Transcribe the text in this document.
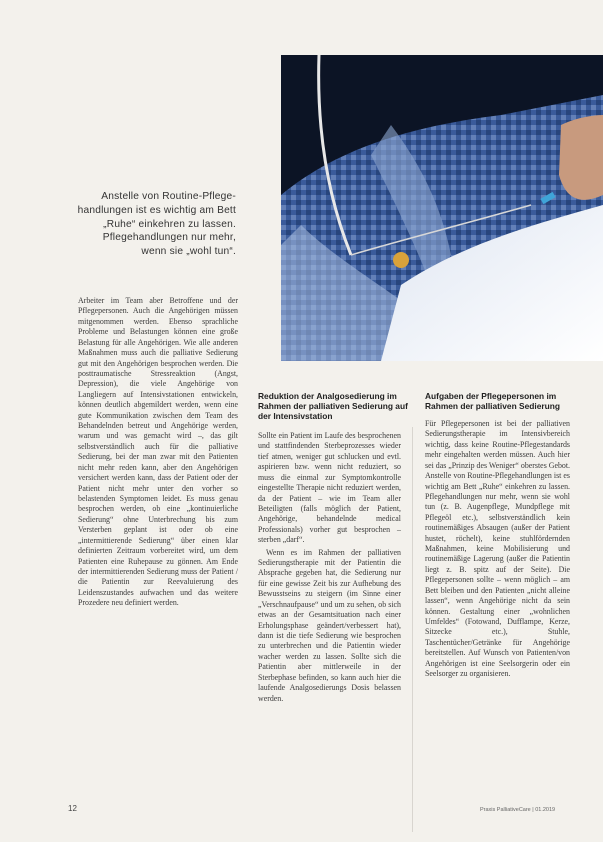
Anstelle von Routine-Pflege-
handlungen ist es wichtig am Bett
„Ruhe“ einkehren zu lassen.
Pflegehandlungen nur mehr,
wenn sie „wohl tun“.

Arbeiter im Team aber Betroffene und der Pflegepersonen. Auch die Angehörigen müssen mitgenommen werden. Ebenso sprachliche Probleme und Belastungen können eine große Belastung für alle Angehörigen. Wie alle anderen Maßnahmen muss auch die palliative Sedierung gut mit den Angehörigen besprochen werden. Die posttraumatische Stressreaktion (Angst, Depression), die viele Angehörige von Langliegern auf Intensivstationen entwickeln, können deutlich abgemildert werden, wenn eine gute Kommunikation zwischen dem Team des Behandelnden betreut und Angehörige werden, warum und was gemacht wird –, das gilt selbstverständlich auch für die palliative Sedierung, bei der man zwar mit den Patienten nicht mehr reden kann, aber den Angehörigen versichert werden kann, dass der Patient oder der Patient nicht mehr unter den vorher so belastenden Symptomen leidet. Es muss genau besprochen werden, ob eine „kontinuierliche Sedierung“ ohne Unterbrechung bis zum Versterben geplant ist oder ob eine „intermittierende Sedierung“ über einen klar definierten Zeitraum vorbereitet wird, um dem Patienten eine Ruhepause zu gönnen. Am Ende der intermittierenden Sedierung muss der Patient / die Patientin zur Reevaluierung des Leidenszustandes aufwachen und das weitere Prozedere neu definiert werden.

Reduktion der Analgosedierung im Rahmen der palliativen Sedierung auf der Intensivstation

Sollte ein Patient im Laufe des besprochenen und stattfindenden Sterbeprozesses wieder tief atmen, weniger gut schlucken und evtl. aspirieren bzw. wenn nicht reduziert, so muss die einmal zur Symptomkontrolle eingestellte Therapie nicht reduziert werden, da der Patient – wie im Team aller Beteiligten (falls möglich der Patient, Angehörige, behandelnde medical Professionals) vorher gut besprochen – sterben „darf“.

Wenn es im Rahmen der palliativen Sedierungstherapie mit der Patientin die Absprache gegeben hat, die Sedierung nur für eine gewisse Zeit bis zur Aufhebung des Bewusstseins zu steigern (im Sinne einer „Verschnaufpause“ und um zu sehen, ob sich etwas an der Gesamtsituation nach einer Erholungsphase geändert/verbessert hat), dann ist die tiefe Sedierung wie besprochen zu unterbrechen und die Patientin wieder wacher werden zu lassen. Sollte sich die Patientin aber mittlerweile in der Sterbephase befinden, so kann auch hier die laufende Analgosedierungs Dosis belassen werden.

Aufgaben der Pflegepersonen im Rahmen der palliativen Sedierung

Für Pflegepersonen ist bei der palliativen Sedierungstherapie im Intensivbereich wichtig, dass keine Routine-Pflegestandards mehr eingehalten werden müssen. Auch hier sei das „Prinzip des Weniger“ oberstes Gebot. Anstelle von Routine-Pflegehandlungen ist es wichtig am Bett „Ruhe“ einkehren zu lassen. Pflegehandlungen nur mehr, wenn sie wohl tun (z. B. Augenpflege, Mundpflege mit Pflegeöl etc.), selbstverständlich kein routinemäßiges Absaugen (außer der Patient hustet, röchelt), keine stuhlfördernden Maßnahmen, keine Mobilisierung und routinemäßige Lagerung (außer die Patientin liegt z. B. spitz auf der Seite). Die Pflegepersonen sollte – wenn möglich – am Bett bleiben und den Patienten „nicht alleine lassen“, wenn Angehörige nicht da sein können. Gestaltung einer „wohnlichen Umfeldes“ (Fotowand, Dufflampe, Kerze, Sitzecke etc.), Stuhle, Taschentücher/Getränke für Angehörige bereitstellen. Auf Wunsch von Patienten/von Angehörigen ist eine Seelsorgerin oder ein Seelsorger zu organisieren.

12	Praxis PalliativeCare | 01.2019
